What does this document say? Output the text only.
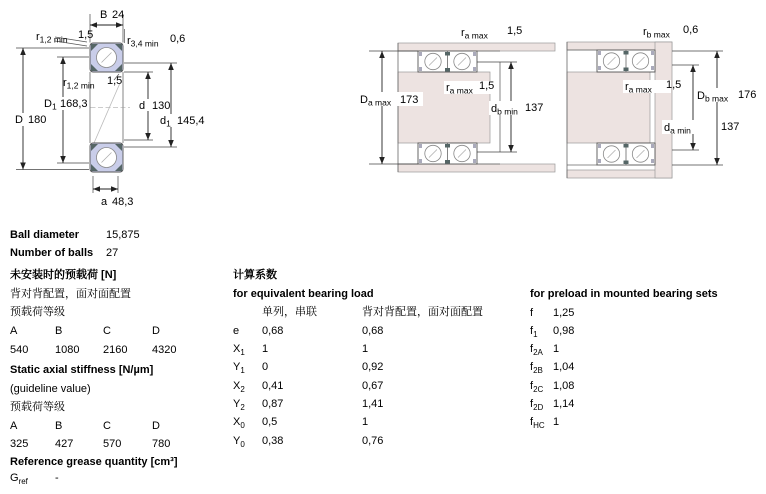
B 24
$r_{1,2 min}$ 1,5	$r_{3,4 min}$ 0,6
$r_{1,2 min}$ 1,5
D 180
$D_1$ 168,3	d 130
$d_1$ 145,4
a 48,3
$D_{a max}$ 173
$d_{b min}$ 137
$r_{a max}$ 1,5
$r_{a max}$ 1,5
$D_{b max}$ 176
$d_{a min}$	137
$r_{b max}$ 0,6
$r_{a max}$ 1,5
Ball diameter 15,875
Number of balls 27
未安装时的预载荷 [N]
背对背配置，面对面配置
预载荷等级
A	B	C	D
540 1080 2160 4320
Static axial stiffness [N/µm]
(guideline value)
预载荷等级
A	B	C	D
325 427	570	780
Reference grease quantity [cm³]
$G_{ref}$ -
计算系数
for equivalent bearing load
单列，串联	背对背配置，面对面配置
e 0,68	0,68
$X_1$ 1	1
$Y_1$ 0	0,92
$X_2$ 0,41	0,67
$Y_2$ 0,87	1,41
$X_0$ 0,5	1
$Y_0$ 0,38	0,76
for preload in mounted bearing sets
f 1,25
$f_1$ 0,98
$f_{2A}$ 1
$f_{2B}$ 1,04
$f_{2C}$ 1,08
$f_{2D}$ 1,14
$f_{HC}$ 1
